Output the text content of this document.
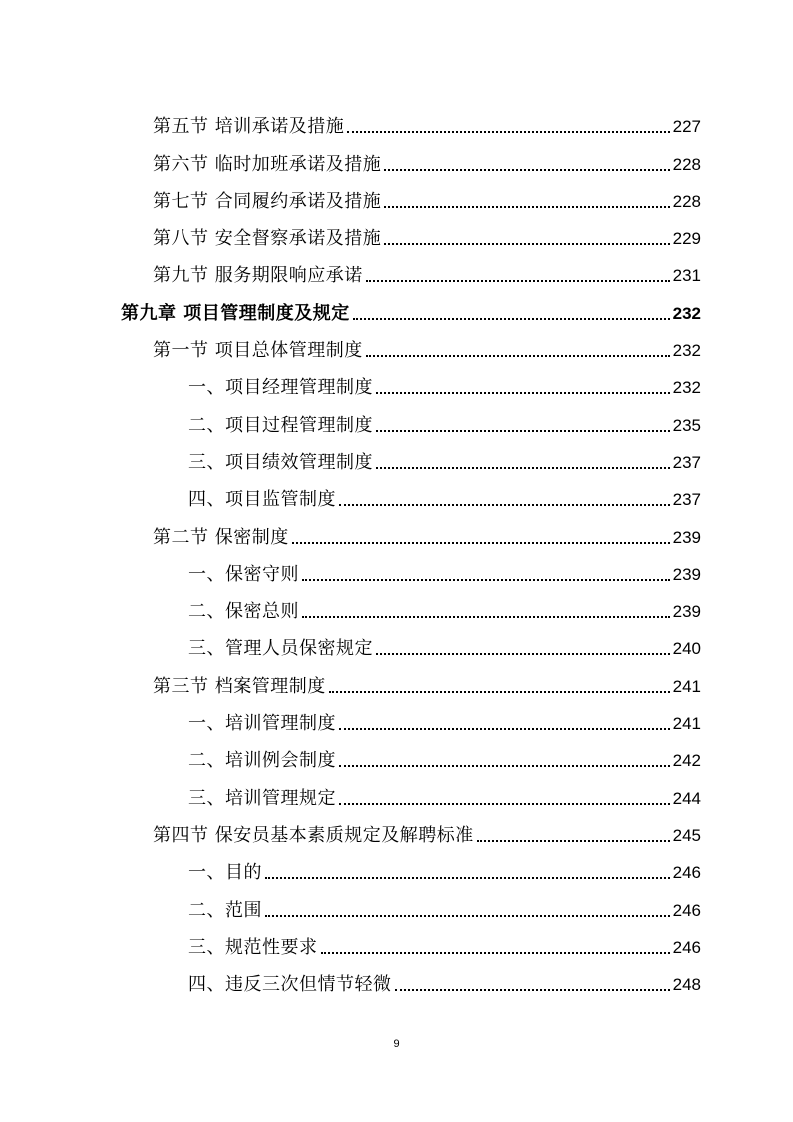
第五节 培训承诺及措施	227
第六节 临时加班承诺及措施	228
第七节 合同履约承诺及措施	228
第八节 安全督察承诺及措施	229
第九节 服务期限响应承诺	231
第九章 项目管理制度及规定	232
第一节 项目总体管理制度	232
一、项目经理管理制度	232
二、项目过程管理制度	235
三、项目绩效管理制度	237
四、项目监管制度	237
第二节 保密制度	239
一、保密守则	239
二、保密总则	239
三、管理人员保密规定	240
第三节 档案管理制度	241
一、培训管理制度	241
二、培训例会制度	242
三、培训管理规定	244
第四节 保安员基本素质规定及解聘标准	245
一、目的	246
二、范围	246
三、规范性要求	246
四、违反三次但情节轻微	248
9
